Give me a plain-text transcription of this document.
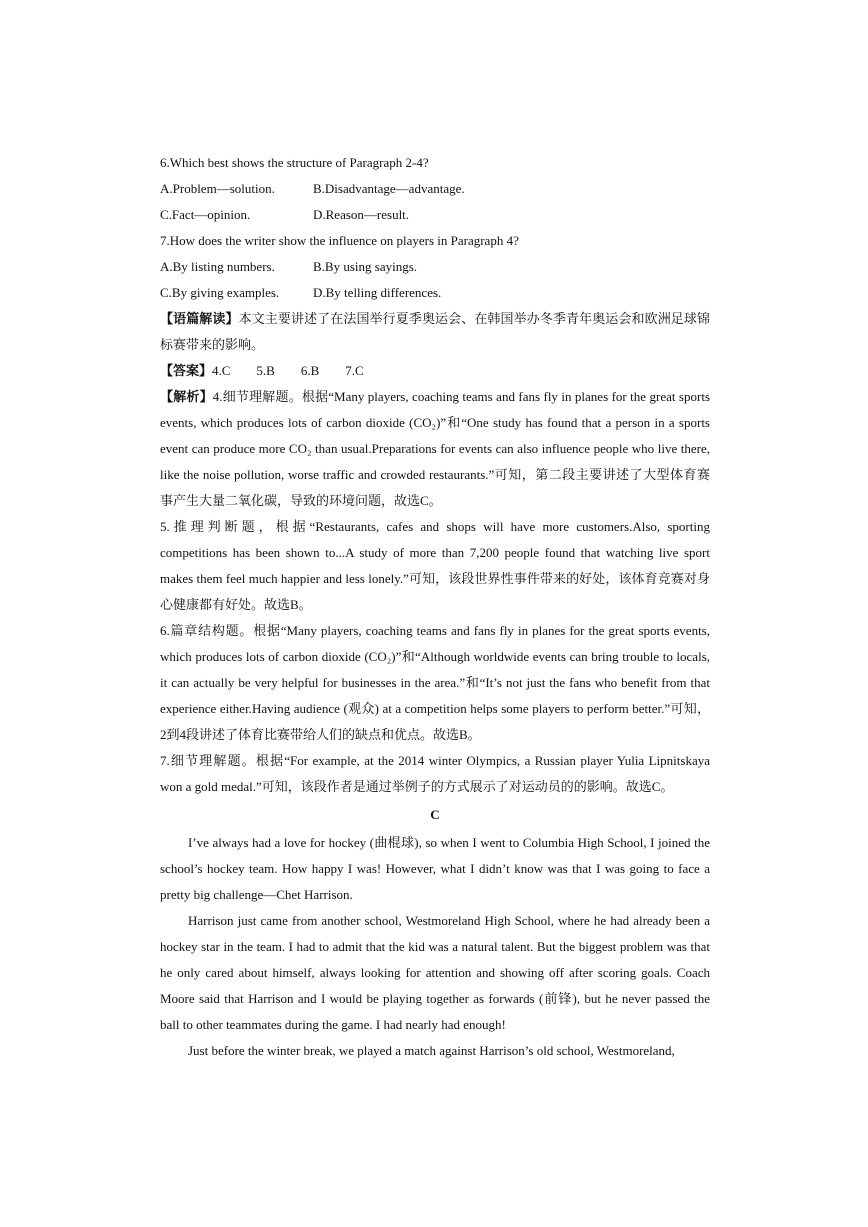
6.Which best shows the structure of Paragraph 2-4?
A.Problem—solution.	B.Disadvantage—advantage.
C.Fact—opinion.	D.Reason—result.
7.How does the writer show the influence on players in Paragraph 4?
A.By listing numbers.	B.By using sayings.
C.By giving examples.	D.By telling differences.
【语篇解读】本文主要讲述了在法国举行夏季奥运会、在韩国举办冬季青年奥运会和欧洲足球锦标赛带来的影响。
【答案】4.C　　5.B　　6.B　　7.C
【解析】4.细节理解题。根据“Many players, coaching teams and fans fly in planes for the great sports events, which produces lots of carbon dioxide (CO₂)”和“One study has found that a person in a sports event can produce more CO₂ than usual.Preparations for events can also influence people who live there, like the noise pollution, worse traffic and crowded restaurants.”可知，第二段主要讲述了大型体育赛事产生大量二氧化碳，导致的环境问题，故选C。
5.推理判断题，根据“Restaurants, cafes and shops will have more customers.Also, sporting competitions has been shown to...A study of more than 7,200 people found that watching live sport makes them feel much happier and less lonely.”可知，该段世界性事件带来的好处，该体育竞赛对身心健康都有好处。故选B。
6.篇章结构题。根据“Many players, coaching teams and fans fly in planes for the great sports events, which produces lots of carbon dioxide (CO₂)”和“Although worldwide events can bring trouble to locals, it can actually be very helpful for businesses in the area.”和“It’s not just the fans who benefit from that experience either.Having audience (观众) at a competition helps some players to perform better.”可知，2到4段讲述了体育比赛带给人们的缺点和优点。故选B。
7.细节理解题。根据“For example, at the 2014 winter Olympics, a Russian player Yulia Lipnitskaya won a gold medal.”可知，该段作者是通过举例子的方式展示了对运动员的的影响。故选C。
C
I’ve always had a love for hockey (曲棍球), so when I went to Columbia High School, I joined the school’s hockey team. How happy I was! However, what I didn’t know was that I was going to face a pretty big challenge—Chet Harrison.
Harrison just came from another school, Westmoreland High School, where he had already been a hockey star in the team. I had to admit that the kid was a natural talent. But the biggest problem was that he only cared about himself, always looking for attention and showing off after scoring goals. Coach Moore said that Harrison and I would be playing together as forwards (前锋), but he never passed the ball to other teammates during the game. I had nearly had enough!
Just before the winter break, we played a match against Harrison’s old school, Westmoreland,
